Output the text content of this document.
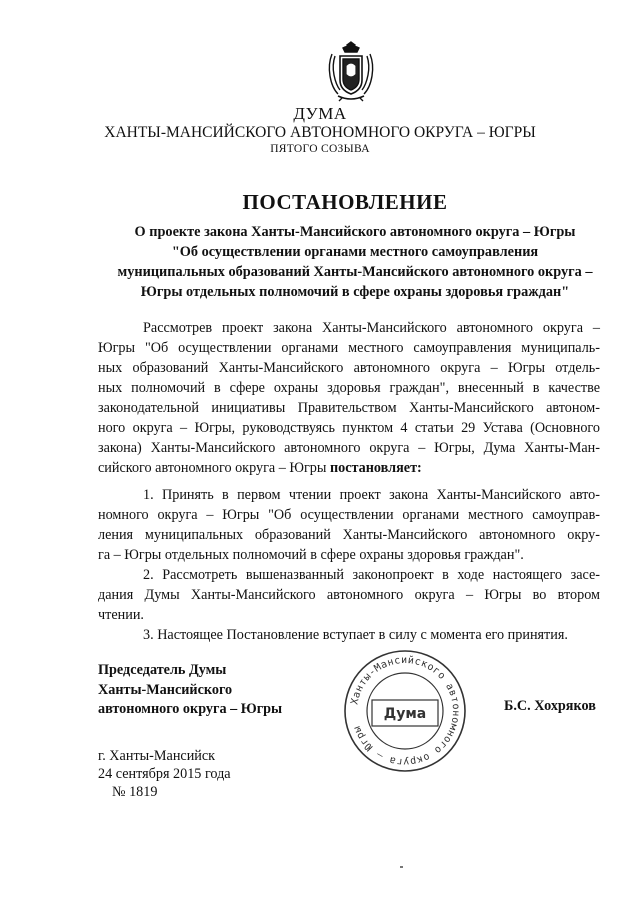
ДУМА
ХАНТЫ-МАНСИЙСКОГО АВТОНОМНОГО ОКРУГА – ЮГРЫ
ПЯТОГО СОЗЫВА
ПОСТАНОВЛЕНИЕ
О проекте закона Ханты-Мансийского автономного округа – Югры
"Об осуществлении органами местного самоуправления
муниципальных образований Ханты-Мансийского автономного округа –
Югры отдельных полномочий в сфере охраны здоровья граждан"
Рассмотрев проект закона Ханты-Мансийского автономного округа –
Югры "Об осуществлении органами местного самоуправления муниципаль-
ных образований Ханты-Мансийского автономного округа – Югры отдель-
ных полномочий в сфере охраны здоровья граждан", внесенный в качестве
законодательной инициативы Правительством Ханты-Мансийского автоном-
ного округа – Югры, руководствуясь пунктом 4 статьи 29 Устава (Основного
закона) Ханты-Мансийского автономного округа – Югры, Дума Ханты-Ман-
сийского автономного округа – Югры постановляет:
1. Принять в первом чтении проект закона Ханты-Мансийского авто-
номного округа – Югры "Об осуществлении органами местного самоуправ-
ления муниципальных образований Ханты-Мансийского автономного окру-
га – Югры отдельных полномочий в сфере охраны здоровья граждан".
2. Рассмотреть вышеназванный законопроект в ходе настоящего засе-
дания Думы Ханты-Мансийского автономного округа – Югры во втором
чтении.
3. Настоящее Постановление вступает в силу с момента его принятия.
Председатель Думы
Ханты-Мансийского
автономного округа – Югры	Б.С. Хохряков
Ханты-Мансийского автономного округа – Югры
Дума
г. Ханты-Мансийск
24 сентября 2015 года
№ 1819
